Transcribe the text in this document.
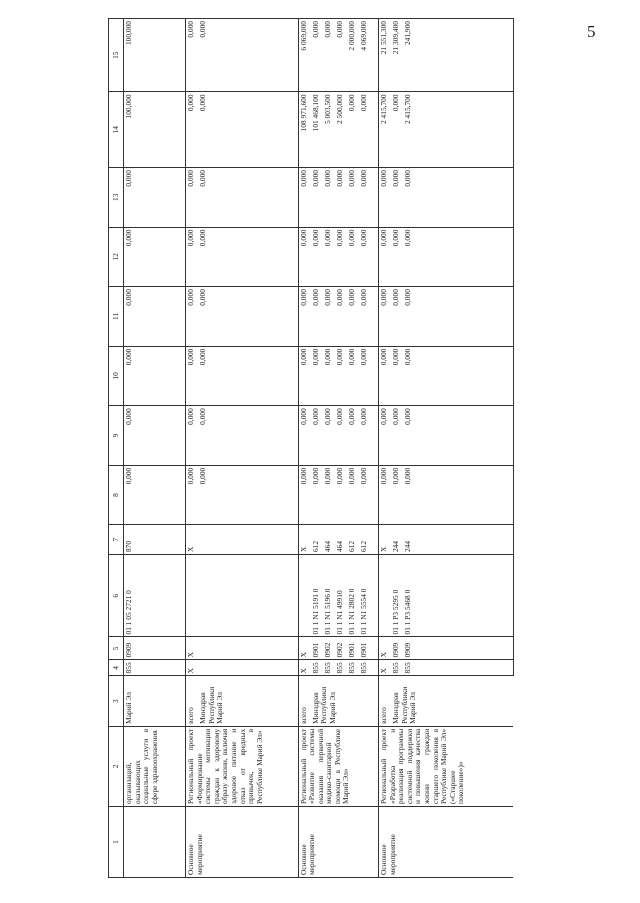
5
1	2	3	4	5	6	7	8	9	10	11	12	13	14	15
	организаций, оказывающих социальные услуги в сфере здравоохранения	Марий Эл	855	0909	01 1 05 2721 0	870	0,000	0,000	0,000	0,000	0,000	0,000	100,000	100,000
Основное мероприятие	Региональный проект «Формирование системы мотивации граждан к здоровому образу жизни, включая здоровое питание и отказ от вредных привычек, в Республике Марий Эл»	всего	X	X		X	0,000	0,000	0,000	0,000	0,000	0,000	0,000	0,000
		Минздрав Республики Марий Эл					0,000	0,000	0,000	0,000	0,000	0,000	0,000	0,000
Основное мероприятие	Региональный проект «Развитие системы оказания первичной медико-санитарной помощи в Республике Марий Эл»	всего	X	X		X	0,000	0,000	0,000	0,000	0,000	0,000	108 971,600	6 069,000
		Минздрав Республики Марий Эл	855	0901	01 1 N1 5191 0	612	0,000	0,000	0,000	0,000	0,000	0,000	101 468,100	0,000
			855	0902	01 1 N1 5196 0	464	0,000	0,000	0,000	0,000	0,000	0,000	5 003,500	0,000
			855	0902	01 1 N1 49910	464	0,000	0,000	0,000	0,000	0,000	0,000	2 500,000	0,000
			855	0901	01 1 N1 2802 0	612	0,000	0,000	0,000	0,000	0,000	0,000	0,000	2 000,000
			855	0901	01 1 N1 5554 0	612	0,000	0,000	0,000	0,000	0,000	0,000	0,000	4 069,000
Основное мероприятие	Региональный проект «Разработка и реализация программы системной поддержки и повышения качества жизни граждан старшего поколения в Республике Марий Эл» («Старшее поколение»)»	всего	X	X		X	0,000	0,000	0,000	0,000	0,000	0,000	2 415,700	21 551,300
		Минздрав Республики Марий Эл	855	0909	01 1 P3 5295 0	244	0,000	0,000	0,000	0,000	0,000	0,000	0,000	21 309,400
			855	0909	01 1 P3 5468 0	244	0,000	0,000	0,000	0,000	0,000	0,000	2 415,700	241,900
